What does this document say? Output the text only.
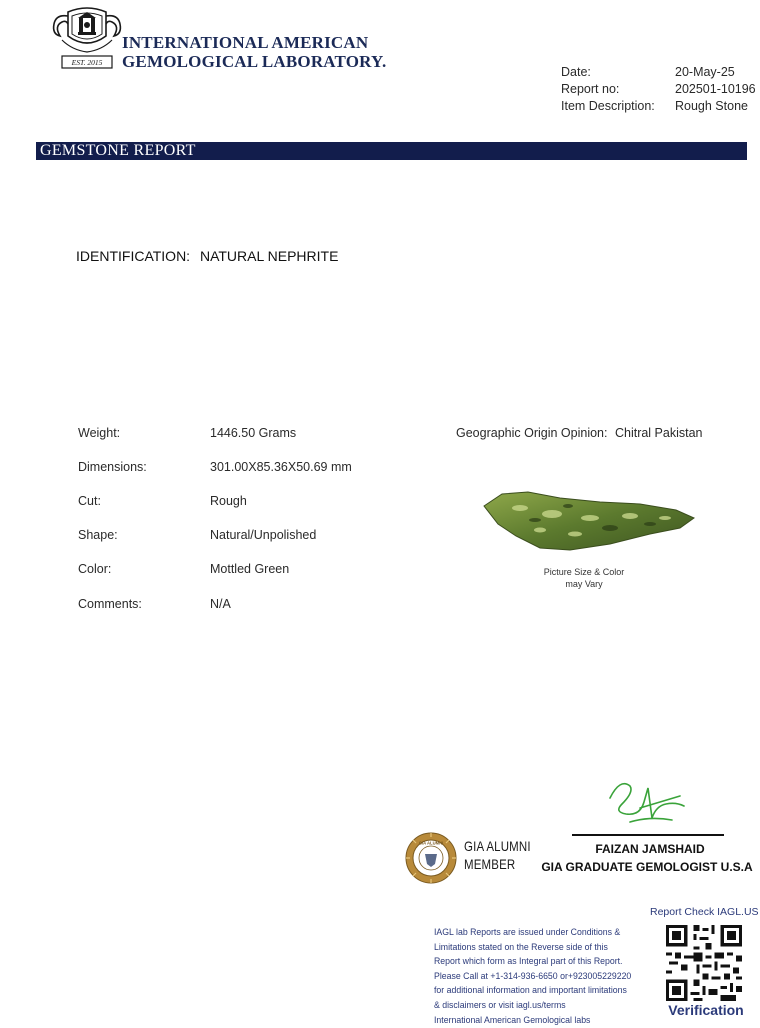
EST. 2015
INTERNATIONAL AMERICAN
GEMOLOGICAL LABORATORY.
Date:	20-May-25
Report no:	202501-10196
Item Description: Rough Stone
GEMSTONE REPORT
IDENTIFICATION: NATURAL NEPHRITE
Weight:	1446.50 Grams
Dimensions:	301.00X85.36X50.69 mm
Cut:	Rough
Shape:	Natural/Unpolished
Color:	Mottled Green
Comments:	N/A
Geographic Origin Opinion: Chitral Pakistan
Picture Size & Color
may Vary
FAIZAN JAMSHAID
GIA GRADUATE GEMOLOGIST U.S.A
GIA ALUMNI GIA ALUMNI
MEMBER
IAGL lab Reports are issued under Conditions &
Limitations stated on the Reverse side of this
Report which form as Integral part of this Report.
Please Call at +1-314-936-6650 or+923005229220
for additional information and important limitations
& disclaimers or visit iagl.us/terms
International American Gemological labs
Report Check IAGL.US
Verification
